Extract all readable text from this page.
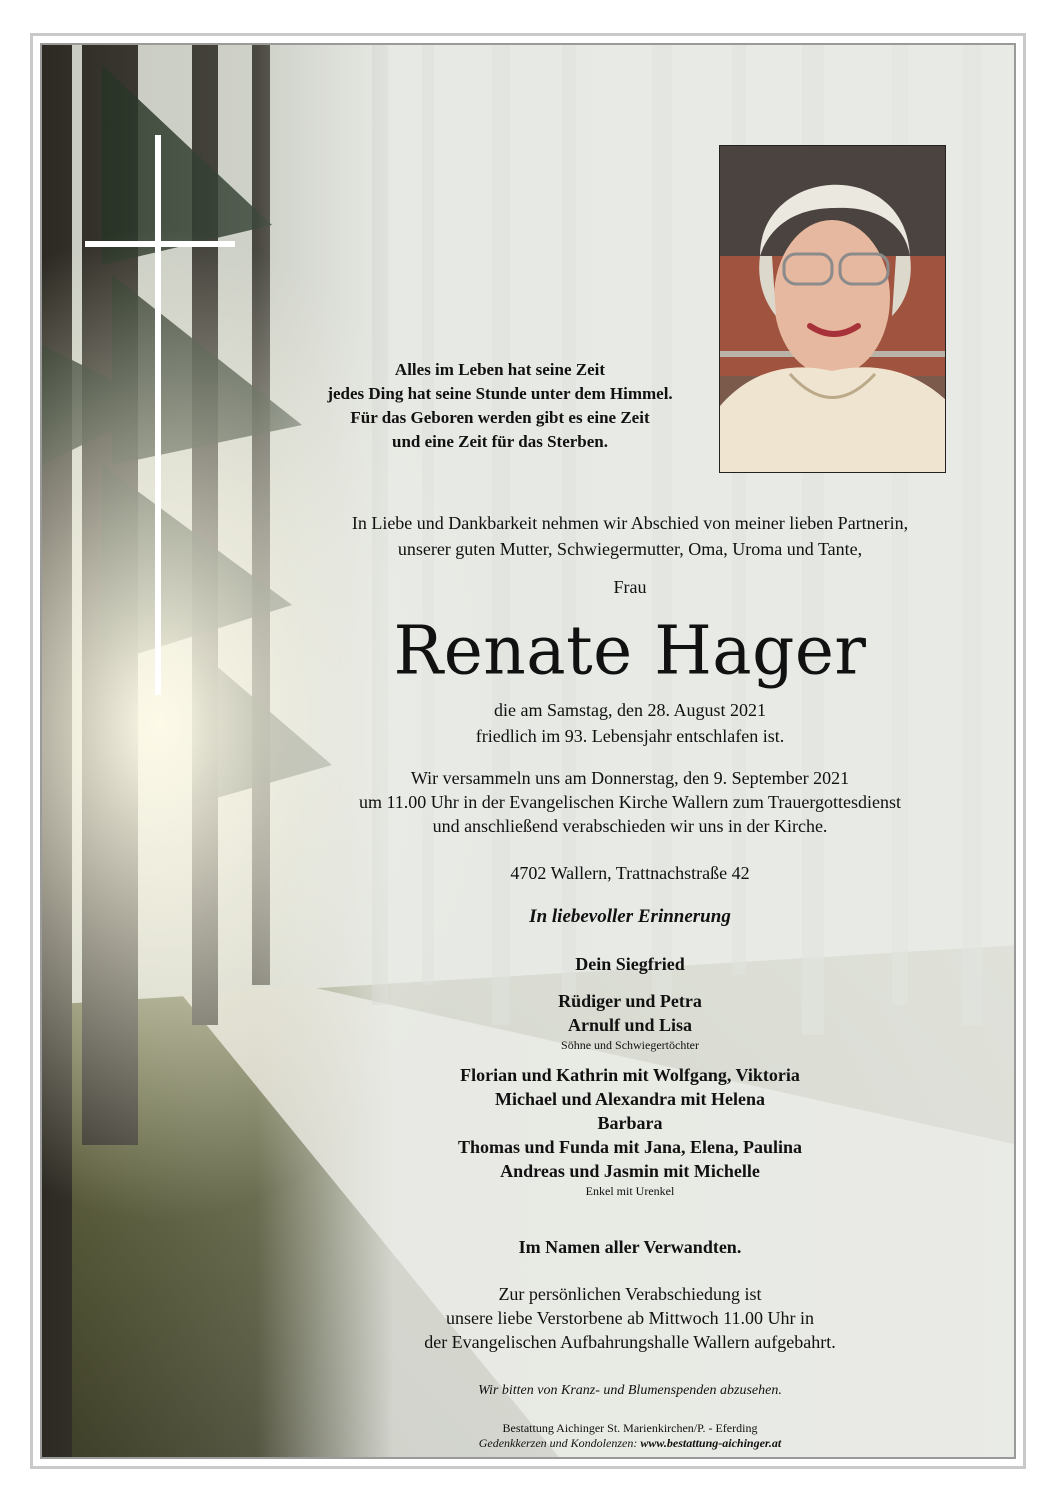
Alles im Leben hat seine Zeit
jedes Ding hat seine Stunde unter dem Himmel.
Für das Geboren werden gibt es eine Zeit
und eine Zeit für das Sterben.
In Liebe und Dankbarkeit nehmen wir Abschied von meiner lieben Partnerin,
unserer guten Mutter, Schwiegermutter, Oma, Uroma und Tante,
Frau
Renate Hager
die am Samstag, den 28. August 2021
friedlich im 93. Lebensjahr entschlafen ist.
Wir versammeln uns am Donnerstag, den 9. September 2021
um 11.00 Uhr in der Evangelischen Kirche Wallern zum Trauergottesdienst
und anschließend verabschieden wir uns in der Kirche.
4702 Wallern, Trattnachstraße 42
In liebevoller Erinnerung
Dein Siegfried
Rüdiger und Petra
Arnulf und Lisa
Söhne und Schwiegertöchter
Florian und Kathrin mit Wolfgang, Viktoria
Michael und Alexandra mit Helena
Barbara
Thomas und Funda mit Jana, Elena, Paulina
Andreas und Jasmin mit Michelle
Enkel mit Urenkel
Im Namen aller Verwandten.
Zur persönlichen Verabschiedung ist
unsere liebe Verstorbene ab Mittwoch 11.00 Uhr in
der Evangelischen Aufbahrungshalle Wallern aufgebahrt.
Wir bitten von Kranz- und Blumenspenden abzusehen.
Bestattung Aichinger St. Marienkirchen/P. - Eferding
Gedenkkerzen und Kondolenzen: www.bestattung-aichinger.at
